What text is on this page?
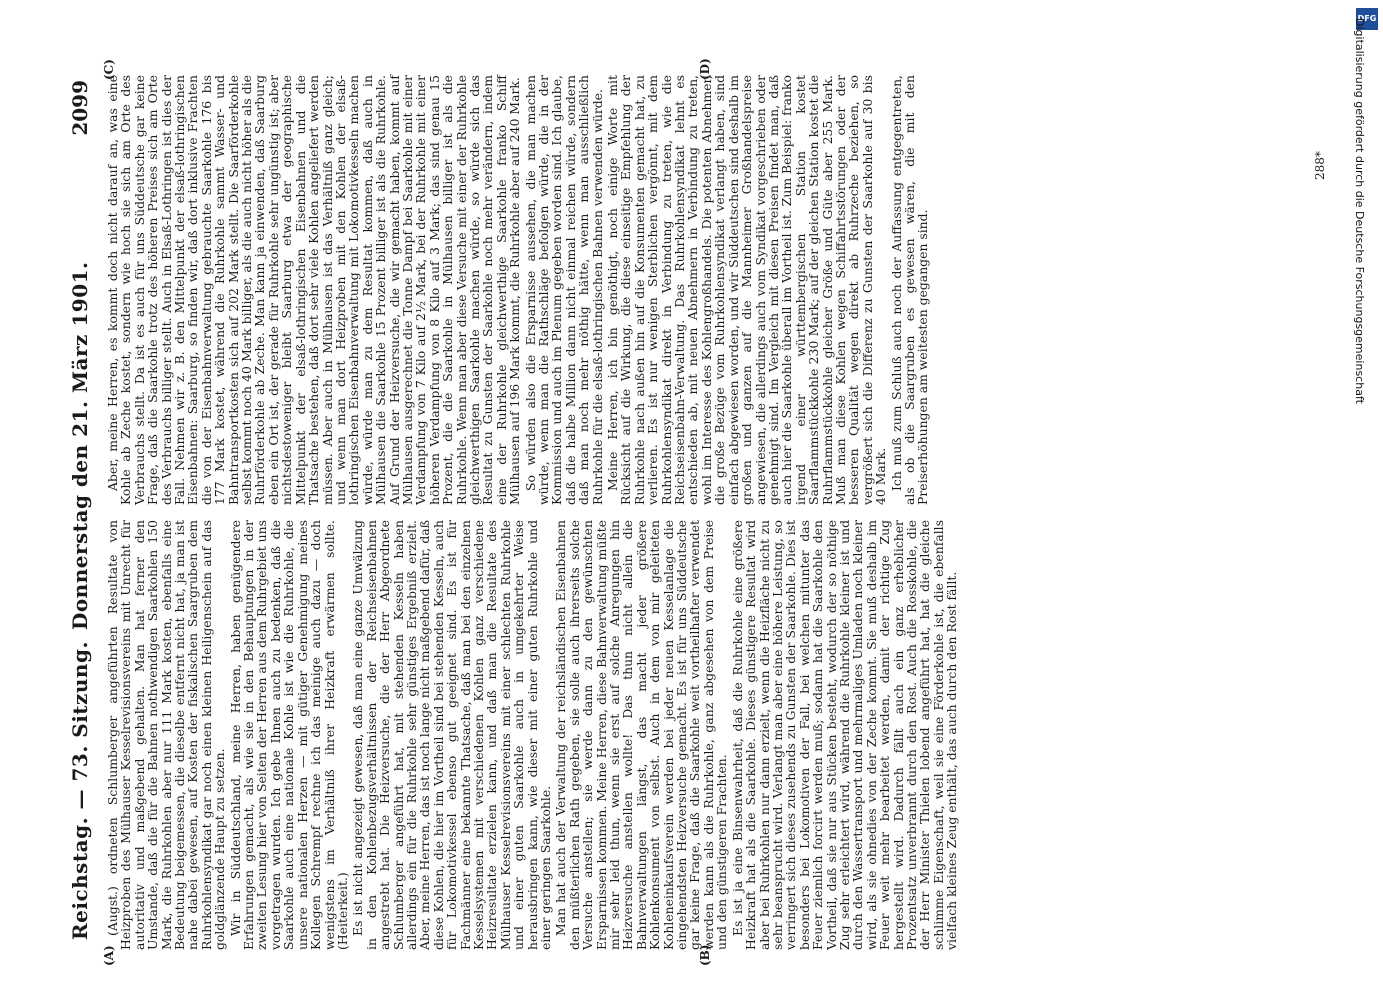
Reichstag. — 73. Sitzung.
Donnerstag den 21. März 1901.
2099

(Augst.) ordneten Schlumberger angeführten Resultate von Heizproben des Mülhauser Kesselrevisionsvereins mit Unrecht für autoritativ und maßgebend gehalten. Man hat ferner den Umstande, daß die für die Bahnen nothwendigen Saarkohlen 150 Mark, die Ruhrkohlen aber nur 111 Mark kosten, ebenfalls eine Bedeutung beigemessen, die dieselbe entfernt nicht hat, ja man ist nahe dabei gewesen, auf Kosten der fiskalischen Saargruben dem Ruhrkohlensyndikat gar noch einen kleinen Heiligenschein auf das goldglänzende Haupt zu setzen. Wir in Süddeutschland, meine Herren, haben genügendere Erfahrungen gemacht, als wie sie in den Behauptungen in der zweiten Lesung hier von Seiten der Herren aus dem Ruhrgebiet uns vorgetragen wurden. Ich gebe Ihnen auch zu bedenken, daß die Saarkohle auch eine nationale Kohle ist wie die Ruhrkohle, die unsere nationalen Herzen — mit gütiger Genehmigung meines Kollegen Schrempf rechne ich das meinige auch dazu — doch wenigstens im Verhältniß ihrer Heizkraft erwärmen sollte. (Heiterkeit.) Es ist nicht angezeigt gewesen, daß man eine ganze Umwälzung in den Kohlenbezugsverhältnissen der Reichseisenbahnen angestrebt hat. Die Heizversuche, die der Herr Abgeordnete Schlumberger angeführt hat, mit stehenden Kesseln haben allerdings ein für die Ruhrkohle sehr günstiges Ergebniß erzielt. Aber, meine Herren, das ist noch lange nicht maßgebend dafür, daß diese Kohlen, die hier im Vortheil sind bei stehenden Kesseln, auch für Lokomotivkessel ebenso gut geeignet sind. Es ist für Fachmänner eine bekannte Thatsache, daß man bei den einzelnen Kesselsystemen mit verschiedenen Kohlen ganz verschiedene Heizresultate erzielen kann, und daß man die Resultate des Mülhauser Kesselrevisionsvereins mit einer schlechten Ruhrkohle und einer guten Saarkohle auch in umgekehrter Weise herausbringen kann, wie dieser mit einer guten Ruhrkohle und einer geringen Saarkohle. Man hat auch der Verwaltung der reichsländischen Eisenbahnen den müßterlichen Rath gegeben, sie solle auch ihrerseits solche Versuche anstellen; sie werde dann zu den gewünschten Ersparnissen kommen. Meine Herren, diese Bahnverwaltung müßte mir sehr leid thun, wenn sie erst auf solche Anregungen hin Heizversuche anstellen wollte! Das thun nicht allein die Bahnverwaltungen längst, das macht jeder größere Kohlenkonsument von selbst. Auch in dem von mir geleiteten Kohleneinkaufsverein werden bei jeder neuen Kesselanlage die eingehendsten Heizversuche gemacht. Es ist für uns Süddeutsche gar keine Frage, daß die Saarkohle weit vortheilhafter verwendet werden kann als die Ruhrkohle, ganz abgesehen von dem Preise und den günstigeren Frachten. Es ist ja eine Binsenwahrheit, daß die Ruhrkohle eine größere Heizkraft hat als die Saarkohle. Dieses günstigere Resultat wird aber bei Ruhrkohlen nur dann erzielt, wenn die Heizfläche nicht zu sehr beansprucht wird. Verlangt man aber eine höhere Leistung, so verringert sich dieses zusehends zu Gunsten der Saarkohle. Dies ist besonders bei Lokomotiven der Fall, bei welchen mitunter das Feuer ziemlich forcirt werden muß; sodann hat die Saarkohle den Vortheil, daß sie nur aus Stücken besteht, wodurch der so nöthige Zug sehr erleichtert wird, während die Ruhrkohle kleiner ist und durch den Wassertransport und mehrmaliges Umladen noch kleiner wird, als sie ohnedies von der Zeche kommt. Sie muß deshalb im Feuer weit mehr bearbeitet werden, damit der richtige Zug hergestellt wird. Dadurch fällt auch ein ganz erheblicher Prozentsatz unverbrannt durch den Rost. Auch die Rosskohle, die der Herr Minister Thielen lobend angeführt hat, hat die gleiche schlimme Eigenschaft, weil sie eine Förderkohle ist, die ebenfalls vielfach kleines Zeug enthält, das auch durch den Rost fällt.

Aber, meine Herren, es kommt doch nicht darauf an, was eine Kohle ab Zeche kostet, sondern wie hoch sie sich am Orte des Verbrauchs stellt. Da ist es auch für uns Süddeutsche gar keine Frage, daß die Saarkohle trotz des höheren Preises sich am Orte des Verbrauchs billiger stellt. Auch in Elsaß-Lothringen ist dies der Fall. Nehmen wir z. B. den Mittelpunkt der elsaß-lothringischen Eisenbahnen: Saarburg, so finden wir, daß dort inklusive Frachten die von der Eisenbahnverwaltung gebrauchte Saarkohle 176 bis 177 Mark kostet, während die Ruhrkohle sammt Wasser- und Bahntransportkosten sich auf 202 Mark stellt. Die Saarförderkohle selbst kommt noch 40 Mark billiger, als die auch nicht höher als die Ruhrförderkohle ab Zeche. Man kann ja einwenden, daß Saarburg eben ein Ort ist, der gerade für Ruhrkohle sehr ungünstig ist; aber nichtsdestoweniger bleibt Saarburg etwa der geographische Mittelpunkt der elsaß-lothringischen Eisenbahnen und die Thatsache bestehen, daß dort sehr viele Kohlen angeliefert werden müssen. Aber auch in Mülhausen ist das Verhältniß ganz gleich; und wenn man dort Heizproben mit den Kohlen der elsaß-lothringischen Eisenbahnverwaltung mit Lokomotivkesseln machen würde, würde man zu dem Resultat kommen, daß auch in Mülhausen die Saarkohle 15 Prozent billiger ist als die Ruhrkohle. Auf Grund der Heizversuche, die wir gemacht haben, kommt auf Mülhausen ausgerechnet die Tonne Dampf bei Saarkohle mit einer Verdampfung von 7 Kilo auf 2½ Mark, bei der Ruhrkohle mit einer höheren Verdampfung von 8 Kilo auf 3 Mark; das sind genau 15 Prozent, die die Saarkohle in Mülhausen billiger ist als die Ruhrkohle. Wenn man aber diese Versuche mit einer der Ruhrkohle gleichwerthigen Saarkohle machen würde, so würde sich das Resultat zu Gunsten der Saarkohle noch mehr verändern, indem eine der Ruhrkohle gleichwerthige Saarkohle franko Schiff Mülhausen auf 196 Mark kommt, die Ruhrkohle aber auf 240 Mark. So würden also die Ersparnisse aussehen, die man machen würde, wenn man die Rathschläge befolgen würde, die in der Kommission und auch im Plenum gegeben worden sind. Ich glaube, daß die halbe Million dann nicht einmal reichen würde, sondern daß man noch mehr nöthig hätte, wenn man ausschließlich Ruhrkohle für die elsaß-lothringischen Bahnen verwenden würde. Meine Herren, ich bin genöthigt, noch einige Worte mit Rücksicht auf die Wirkung, die diese einseitige Empfehlung der Ruhrkohle nach außen hin auf die Konsumenten gemacht hat, zu verlieren. Es ist nur wenigen Sterblichen vergönnt, mit dem Ruhrkohlensyndikat direkt in Verbindung zu treten, wie die Reichseisenbahn-Verwaltung. Das Ruhrkohlensyndikat lehnt es entschieden ab, mit neuen Abnehmern in Verbindung zu treten, wohl im Interesse des Kohlengroßhandels. Die potenten Abnehmer, die große Bezüge vom Ruhrkohlensyndikat verlangt haben, sind einfach abgewiesen worden, und wir Süddeutschen sind deshalb im großen und ganzen auf die Mannheimer Großhandelspreise angewiesen, die allerdings auch vom Syndikat vorgeschrieben oder genehmigt sind. Im Vergleich mit diesen Preisen findet man, daß auch hier die Saarkohle überall im Vortheil ist. Zum Beispiel: franko irgend einer württembergischen Station kostet Saarflammstückkohle 230 Mark; auf der gleichen Station kostet die Ruhrflammstückkohle gleicher Größe und Güte aber 255 Mark. Muß man diese Kohlen wegen Schiffahrtsstörungen oder der besseren Qualität wegen direkt ab Ruhrzeche beziehen, so vergrößert sich die Differenz zu Gunsten der Saarkohle auf 30 bis 40 Mark. Ich muß zum Schluß auch noch der Auffassung entgegentreten, als ob die Saargruben es gewesen wären, die mit den Preiserhöhungen am weitesten gegangen sind.

(A)	(B)
(C)	(D)
288*
DFG
Digitalisierung gefördert durch die Deutsche Forschungsgemeinschaft
